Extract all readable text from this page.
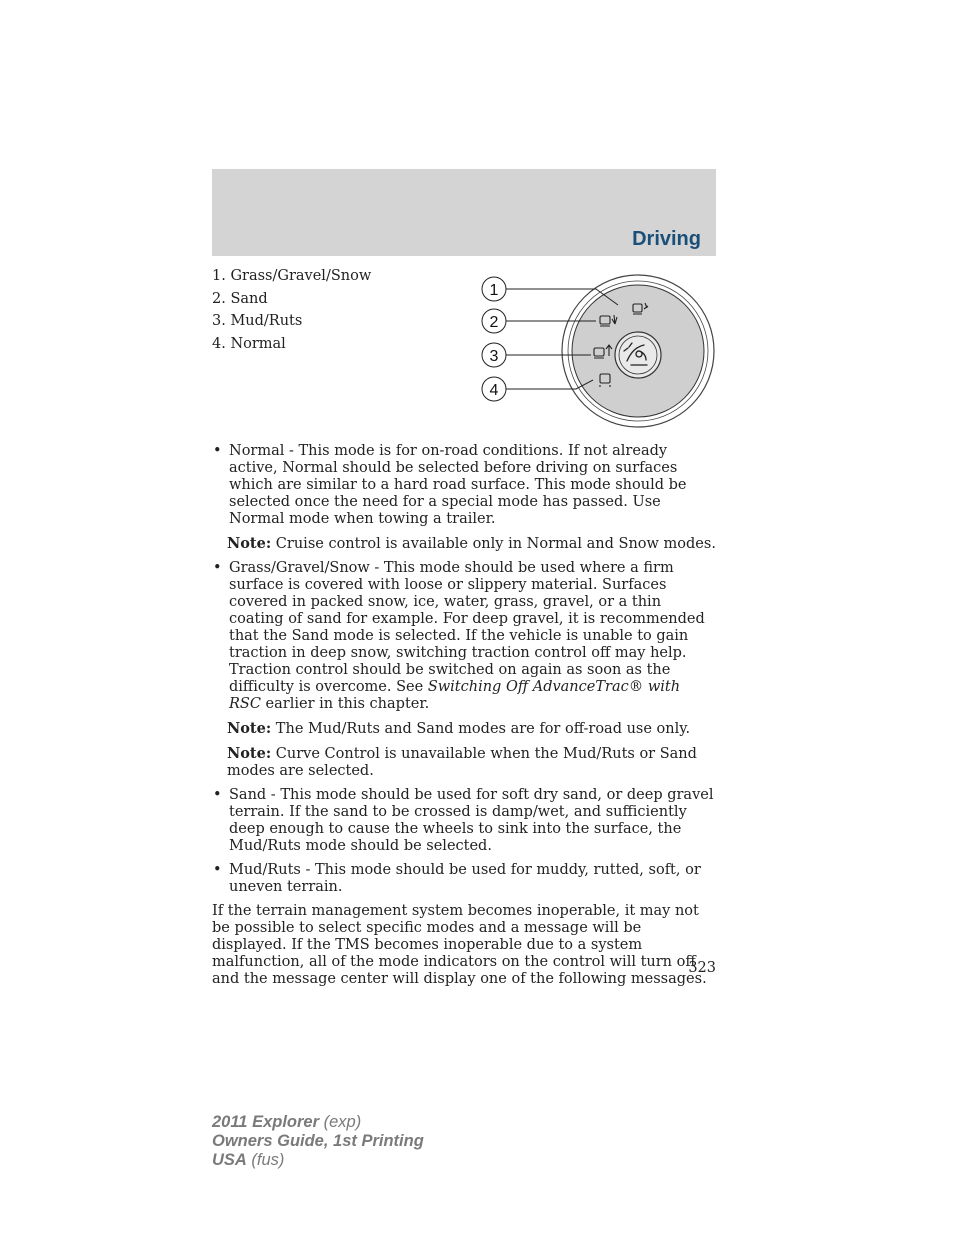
Driving
1. Grass/Gravel/Snow
2. Sand
3. Mud/Ruts
4. Normal
1
2
3
4

• Normal - This mode is for on-road conditions. If not already active, Normal should be selected before driving on surfaces which are similar to a hard road surface. This mode should be selected once the need for a special mode has passed. Use Normal mode when towing a trailer.

Note: Cruise control is available only in Normal and Snow modes.

• Grass/Gravel/Snow - This mode should be used where a firm surface is covered with loose or slippery material. Surfaces covered in packed snow, ice, water, grass, gravel, or a thin coating of sand for example. For deep gravel, it is recommended that the Sand mode is selected. If the vehicle is unable to gain traction in deep snow, switching traction control off may help. Traction control should be switched on again as soon as the difficulty is overcome. See Switching Off AdvanceTrac® with RSC earlier in this chapter.

Note: The Mud/Ruts and Sand modes are for off-road use only.

Note: Curve Control is unavailable when the Mud/Ruts or Sand modes are selected.

• Sand - This mode should be used for soft dry sand, or deep gravel terrain. If the sand to be crossed is damp/wet, and sufficiently deep enough to cause the wheels to sink into the surface, the Mud/Ruts mode should be selected.

• Mud/Ruts - This mode should be used for muddy, rutted, soft, or uneven terrain.

If the terrain management system becomes inoperable, it may not be possible to select specific modes and a message will be displayed. If the TMS becomes inoperable due to a system malfunction, all of the mode indicators on the control will turn off and the message center will display one of the following messages.

323
2011 Explorer (exp)
Owners Guide, 1st Printing
USA (fus)
